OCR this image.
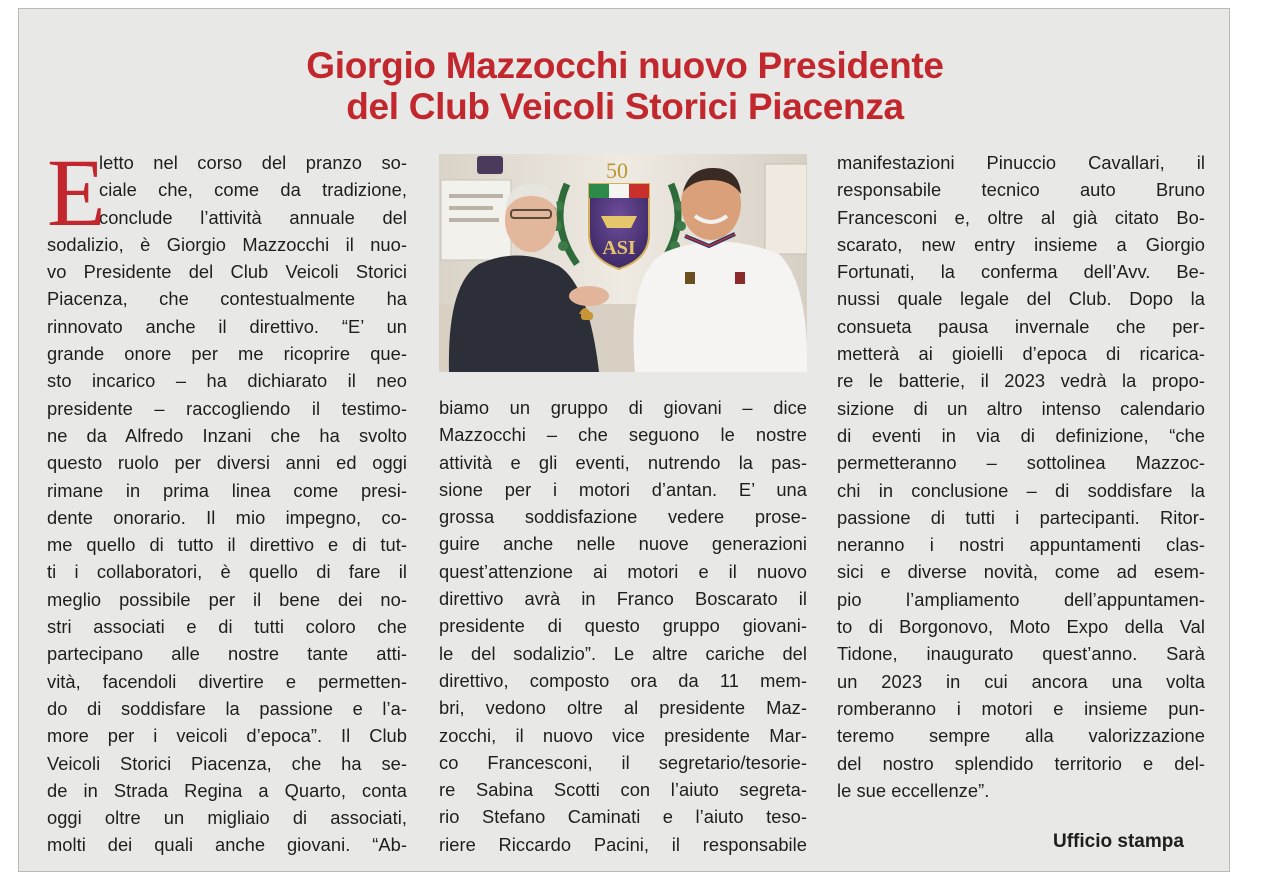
Giorgio Mazzocchi nuovo Presidente
del Club Veicoli Storici Piacenza
E
letto nel corso del pranzo so-
ciale che, come da tradizione,
conclude l’attività annuale del
sodalizio, è Giorgio Mazzocchi il nuo-
vo Presidente del Club Veicoli Storici
Piacenza, che contestualmente ha
rinnovato anche il direttivo. “E’ un
grande onore per me ricoprire que-
sto incarico – ha dichiarato il neo
presidente – raccogliendo il testimo-
ne da Alfredo Inzani che ha svolto
questo ruolo per diversi anni ed oggi
rimane in prima linea come presi-
dente onorario. Il mio impegno, co-
me quello di tutto il direttivo e di tut-
ti i collaboratori, è quello di fare il
meglio possibile per il bene dei no-
stri associati e di tutti coloro che
partecipano alle nostre tante atti-
vità, facendoli divertire e permetten-
do di soddisfare la passione e l’a-
more per i veicoli d’epoca”. Il Club
Veicoli Storici Piacenza, che ha se-
de in Strada Regina a Quarto, conta
oggi oltre un migliaio di associati,
molti dei quali anche giovani. “Ab-
ASI
50
biamo un gruppo di giovani – dice
Mazzocchi – che seguono le nostre
attività e gli eventi, nutrendo la pas-
sione per i motori d’antan. E’ una
grossa soddisfazione vedere prose-
guire anche nelle nuove generazioni
quest’attenzione ai motori e il nuovo
direttivo avrà in Franco Boscarato il
presidente di questo gruppo giovani-
le del sodalizio”. Le altre cariche del
direttivo, composto ora da 11 mem-
bri, vedono oltre al presidente Maz-
zocchi, il nuovo vice presidente Mar-
co Francesconi, il segretario/tesorie-
re Sabina Scotti con l’aiuto segreta-
rio Stefano Caminati e l’aiuto teso-
riere Riccardo Pacini, il responsabile
manifestazioni Pinuccio Cavallari, il
responsabile tecnico auto Bruno
Francesconi e, oltre al già citato Bo-
scarato, new entry insieme a Giorgio
Fortunati, la conferma dell’Avv. Be-
nussi quale legale del Club. Dopo la
consueta pausa invernale che per-
metterà ai gioielli d’epoca di ricarica-
re le batterie, il 2023 vedrà la propo-
sizione di un altro intenso calendario
di eventi in via di definizione, “che
permetteranno – sottolinea Mazzoc-
chi in conclusione – di soddisfare la
passione di tutti i partecipanti. Ritor-
neranno i nostri appuntamenti clas-
sici e diverse novità, come ad esem-
pio l’ampliamento dell’appuntamen-
to di Borgonovo, Moto Expo della Val
Tidone, inaugurato quest’anno. Sarà
un 2023 in cui ancora una volta
romberanno i motori e insieme pun-
teremo sempre alla valorizzazione
del nostro splendido territorio e del-
le sue eccellenze”.
Ufficio stampa
